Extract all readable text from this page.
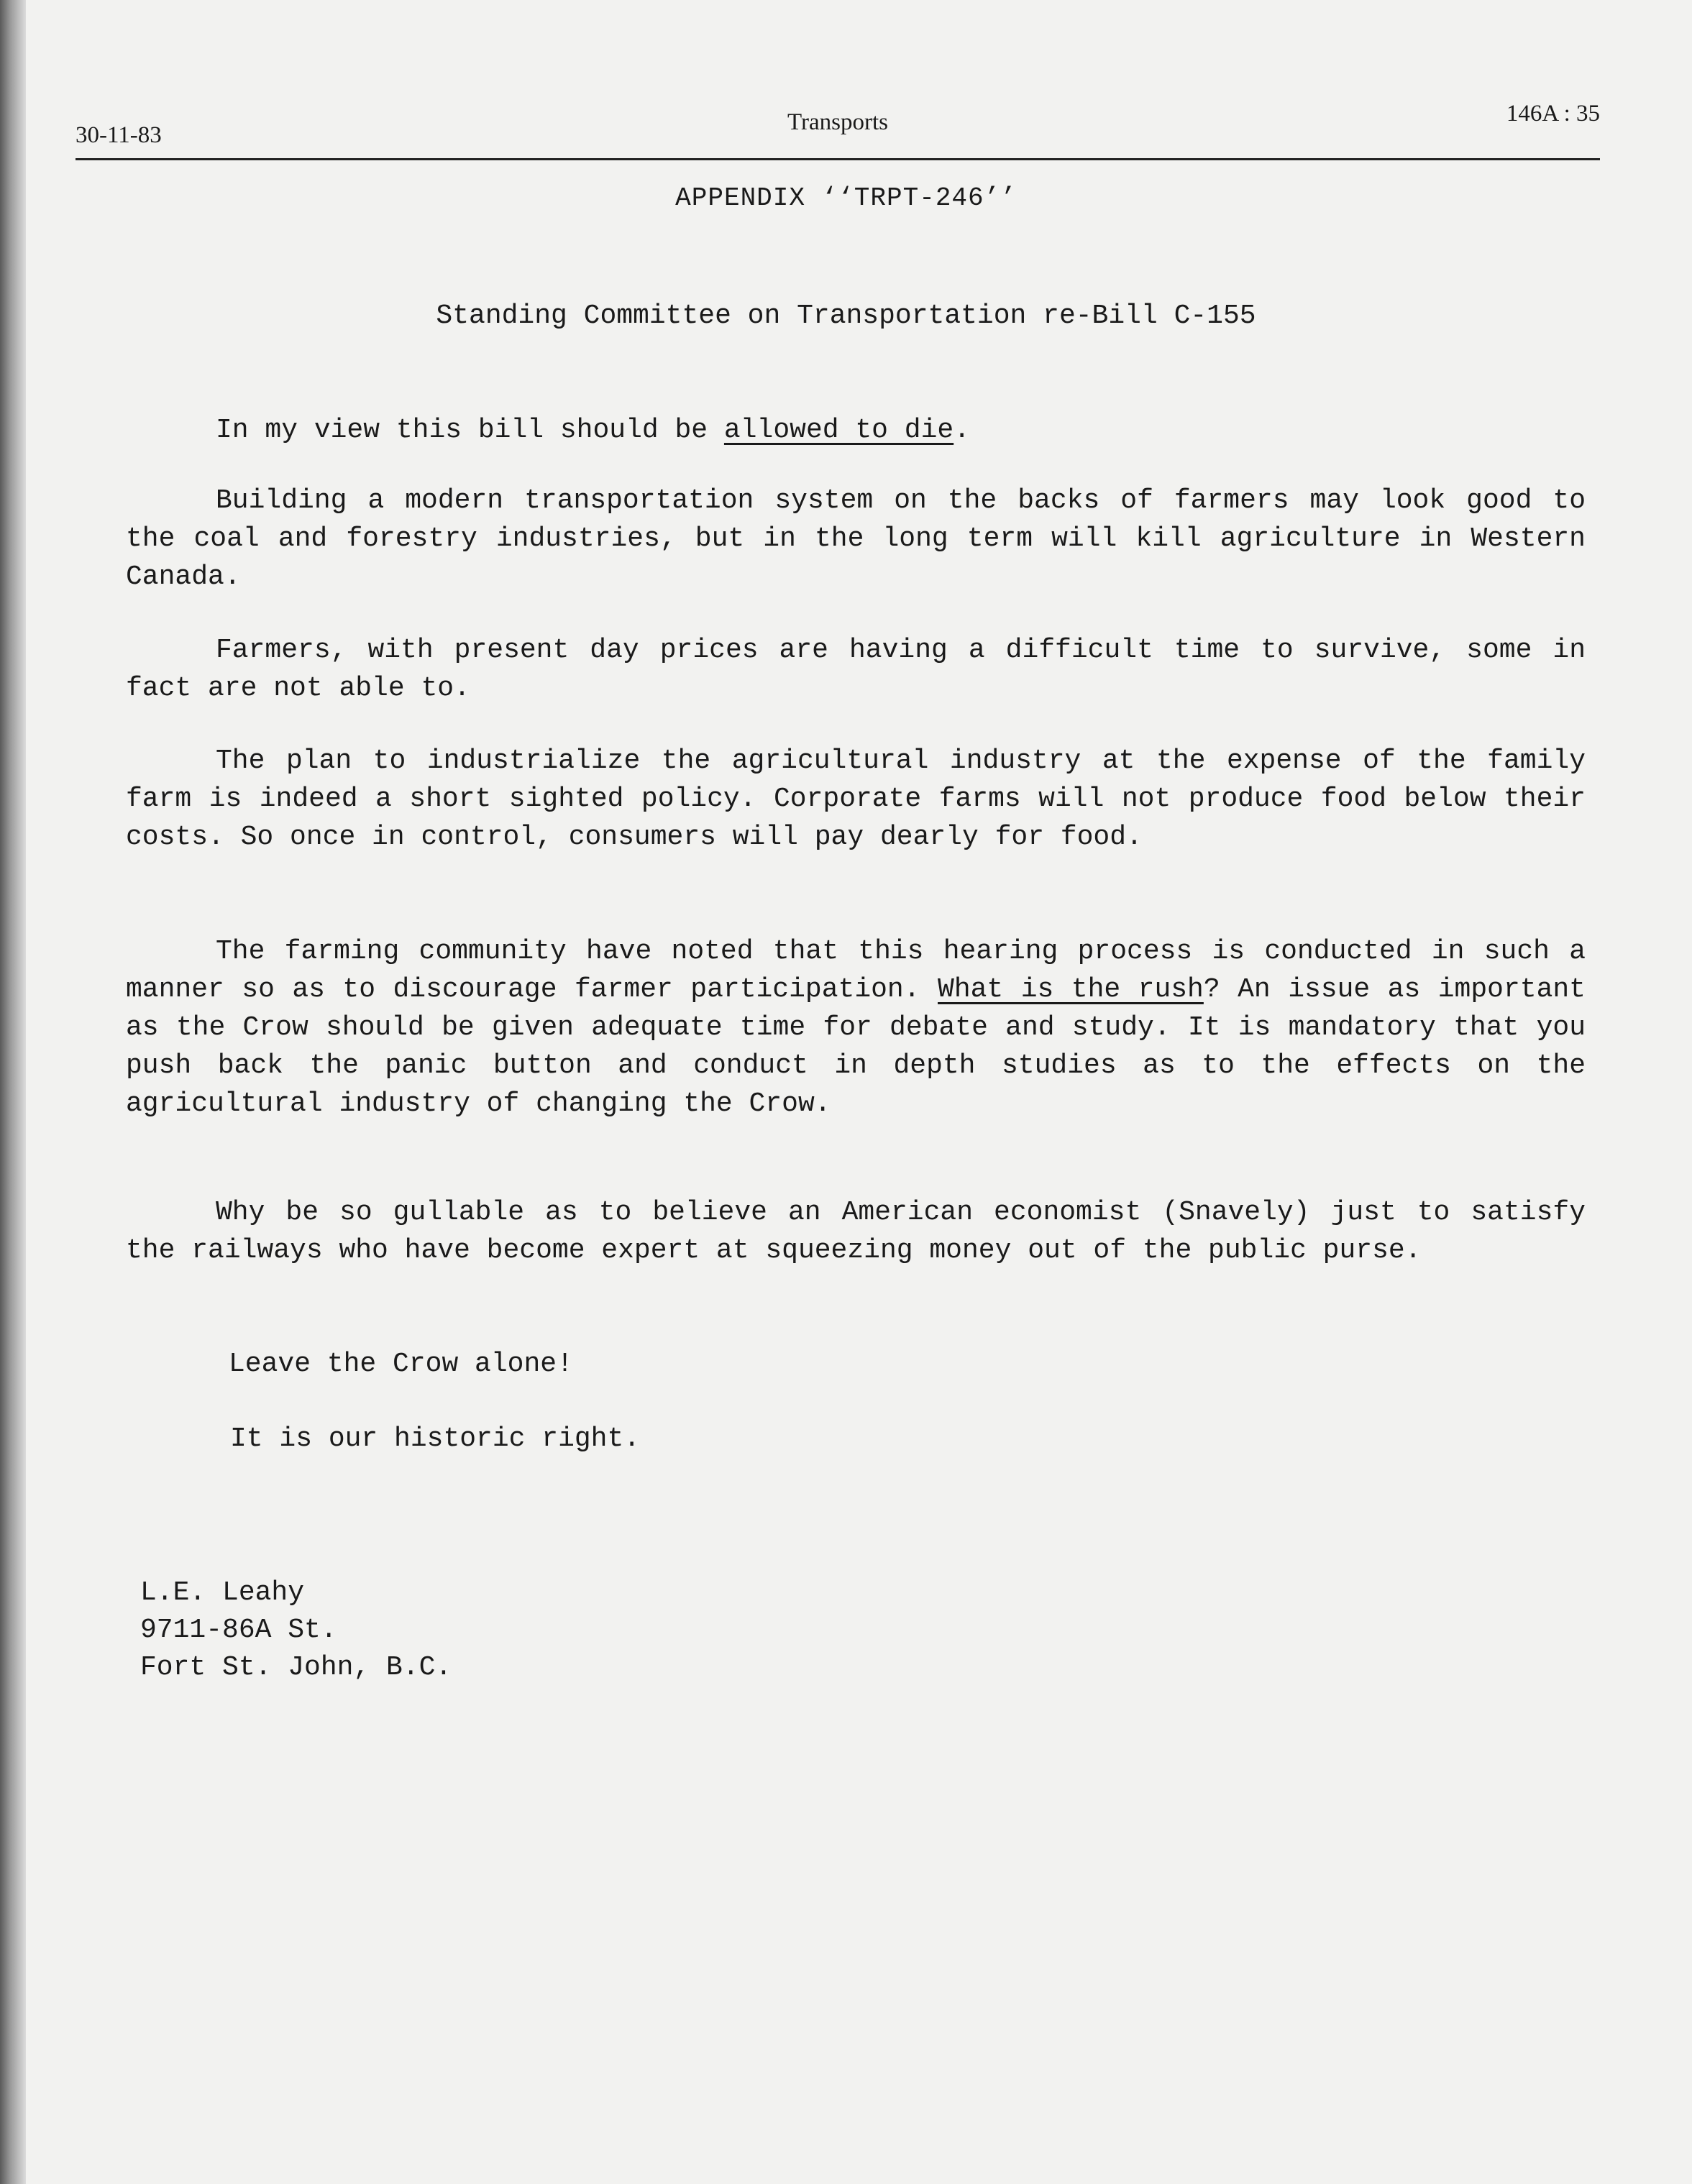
30-11-83	Transports	146A : 35
APPENDIX ‘‘TRPT-246’’
Standing Committee on Transportation re-Bill C-155
In my view this bill should be allowed to die.
Building a modern transportation system on the backs of farmers may look good to the coal and forestry industries, but in the long term will kill agriculture in Western Canada.
Farmers, with present day prices are having a difficult time to survive, some in fact are not able to.
The plan to industrialize the agricultural industry at the expense of the family farm is indeed a short sighted policy. Corporate farms will not produce food below their costs. So once in control, consumers will pay dearly for food.
The farming community have noted that this hearing process is conducted in such a manner so as to discourage farmer participation. What is the rush? An issue as important as the Crow should be given adequate time for debate and study. It is mandatory that you push back the panic button and conduct in depth studies as to the effects on the agricultural industry of changing the Crow.
Why be so gullable as to believe an American economist (Snavely) just to satisfy the railways who have become expert at squeezing money out of the public purse.
Leave the Crow alone!
It is our historic right.
L.E. Leahy
9711-86A St.
Fort St. John, B.C.
